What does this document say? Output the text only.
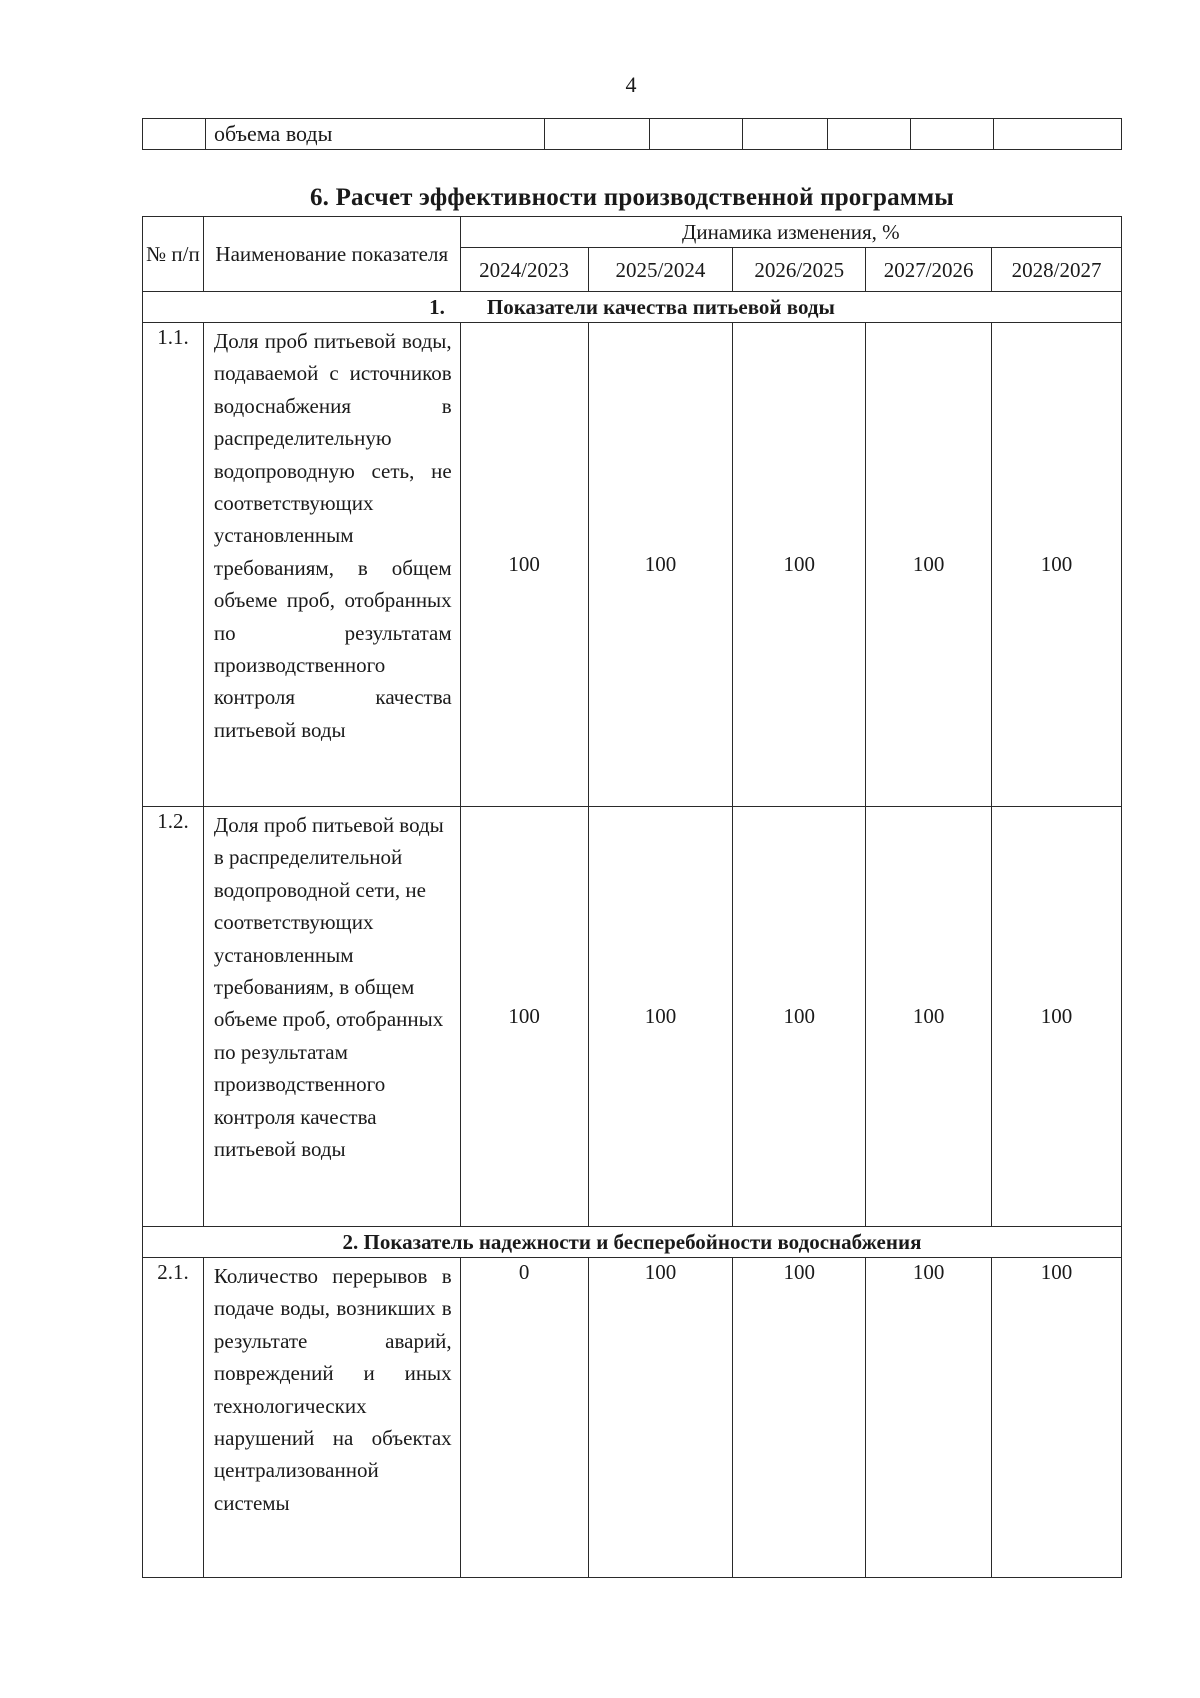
4
	объема воды						
6. Расчет эффективности производственной программы
№ п/п	Наименование показателя	Динамика изменения, %				
		2024/2023	2025/2024	2026/2025	2027/2026	2028/2027
1.        Показатели качества питьевой воды						
1.1.	Доля проб питьевой воды, подаваемой с источников водоснабжения в распределительную водопроводную сеть, не соответствующих установленным требованиям, в общем объеме проб, отобранных по результатам производственного контроля качества питьевой воды	100	100	100	100	100
1.2.	Доля проб питьевой воды в распределительной водопроводной сети, не соответствующих установленным требованиям, в общем объеме проб, отобранных по результатам производственного контроля качества питьевой воды	100	100	100	100	100
2. Показатель надежности и бесперебойности водоснабжения						
2.1.	Количество перерывов в подаче воды, возникших в результате аварий, повреждений и иных технологических нарушений на объектах централизованной системы	0	100	100	100	100
